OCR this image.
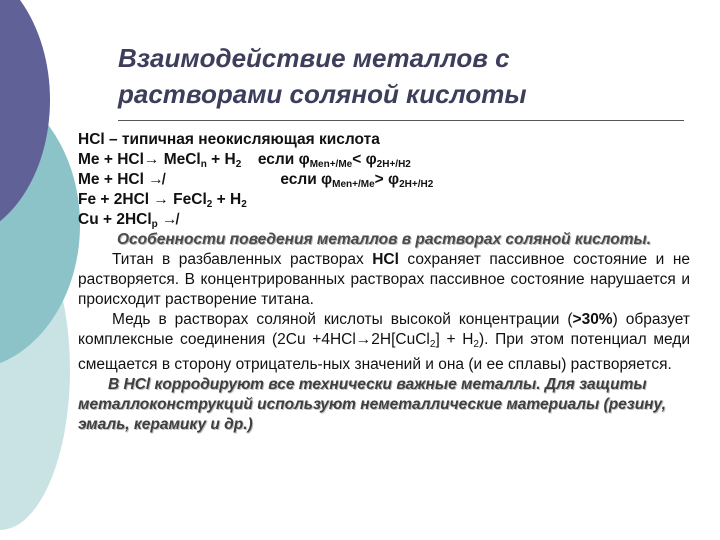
Взаимодействие металлов с
растворами соляной кислоты
HCl – типичная неокисляющая кислота
Me + HCl→ MeCl$_n$ + $H_2$ если $\varphi_{Men+/Me}< \varphi_{2H+/H2}$
Me + HCl ↛	если $\varphi_{Men+/Me}> \varphi_{2H+/H2}$
Fe + 2HCl → FeCl$_2$ + $H_2$
Cu + 2HCl$_р$ ↛
Особенности поведения металлов в растворах соляной кислоты.
Титан в разбавленных растворах HCl сохраняет пассивное состояние и не растворяется. В концентрированных растворах пассивное состояние нарушается и происходит растворение титана.
Медь в растворах соляной кислоты высокой концентрации (>30%) образует комплексные соединения (2Cu +4HCl→2H[CuCl$_2$] + $H_2$). При этом потенциал меди смещается в сторону отрицатель-ных значений и она (и ее сплавы) растворяется.
В HCl корродируют все технически важные металлы. Для защиты металлоконструкций используют неметаллические материалы (резину, эмаль, керамику и др.)
